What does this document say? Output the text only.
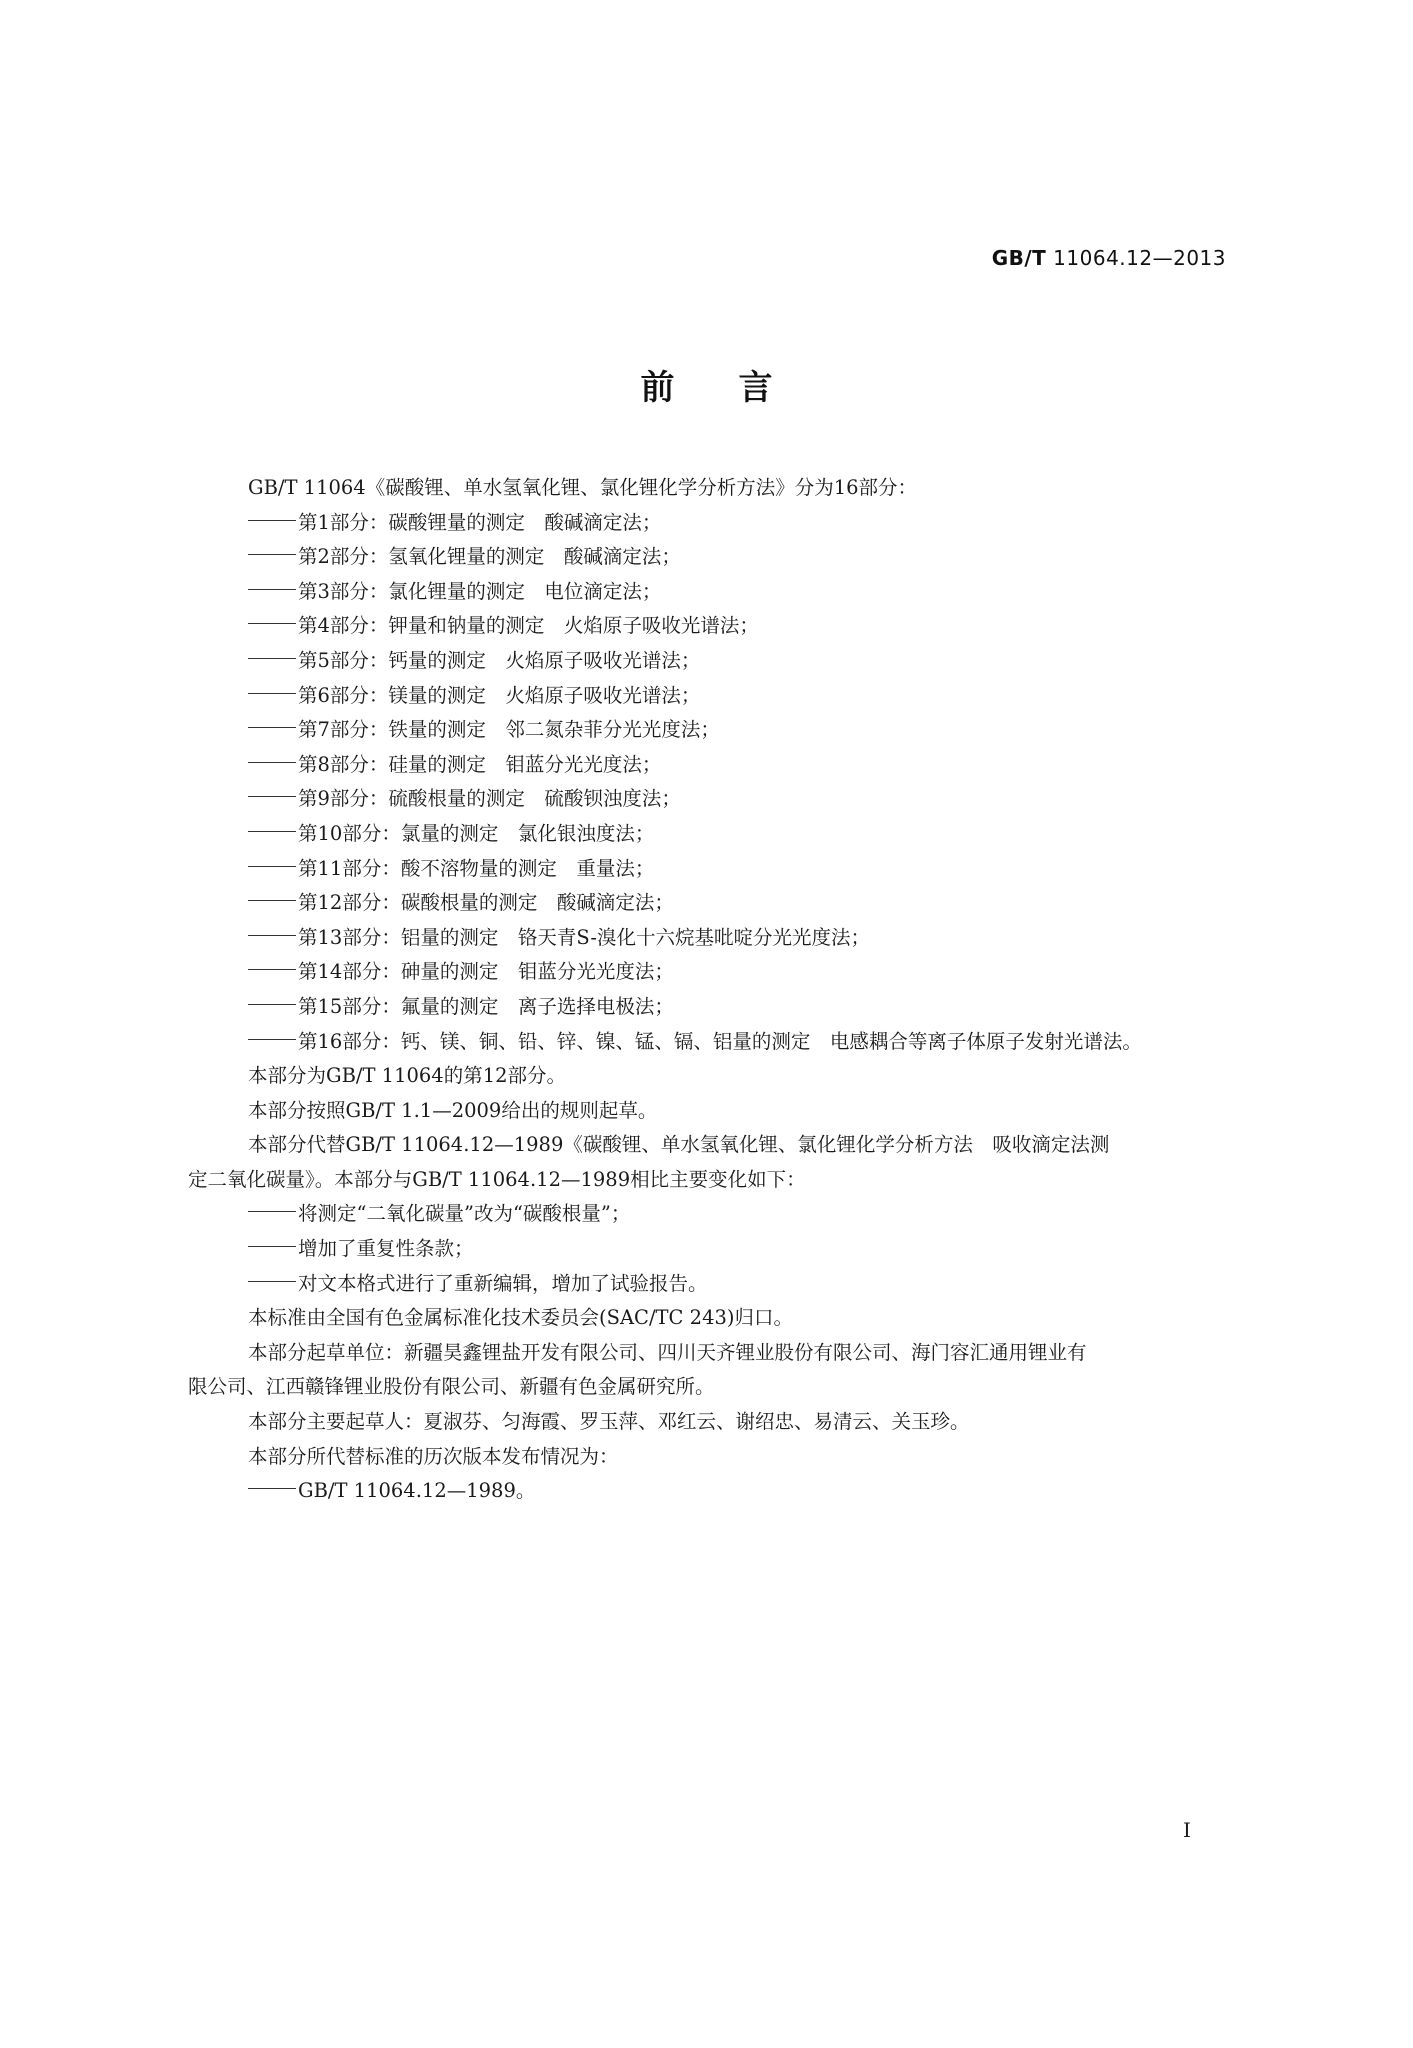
GB/T 11064.12—2013
前言

GB/T 11064《碳酸锂、单水氢氧化锂、氯化锂化学分析方法》分为16部分：

第1部分：碳酸锂量的测定　酸碱滴定法；

第2部分：氢氧化锂量的测定　酸碱滴定法；

第3部分：氯化锂量的测定　电位滴定法；

第4部分：钾量和钠量的测定　火焰原子吸收光谱法；

第5部分：钙量的测定　火焰原子吸收光谱法；

第6部分：镁量的测定　火焰原子吸收光谱法；

第7部分：铁量的测定　邻二氮杂菲分光光度法；

第8部分：硅量的测定　钼蓝分光光度法；

第9部分：硫酸根量的测定　硫酸钡浊度法；

第10部分：氯量的测定　氯化银浊度法；

第11部分：酸不溶物量的测定　重量法；

第12部分：碳酸根量的测定　酸碱滴定法；

第13部分：铝量的测定　铬天青S-溴化十六烷基吡啶分光光度法；

第14部分：砷量的测定　钼蓝分光光度法；

第15部分：氟量的测定　离子选择电极法；

第16部分：钙、镁、铜、铅、锌、镍、锰、镉、铝量的测定　电感耦合等离子体原子发射光谱法。

本部分为GB/T 11064的第12部分。

本部分按照GB/T 1.1—2009给出的规则起草。

本部分代替GB/T 11064.12—1989《碳酸锂、单水氢氧化锂、氯化锂化学分析方法　吸收滴定法测

定二氧化碳量》。本部分与GB/T 11064.12—1989相比主要变化如下：

将测定“二氧化碳量”改为“碳酸根量”；

增加了重复性条款；

对文本格式进行了重新编辑，增加了试验报告。

本标准由全国有色金属标准化技术委员会(SAC/TC 243)归口。

本部分起草单位：新疆昊鑫锂盐开发有限公司、四川天齐锂业股份有限公司、海门容汇通用锂业有

限公司、江西赣锋锂业股份有限公司、新疆有色金属研究所。

本部分主要起草人：夏淑芬、匀海霞、罗玉萍、邓红云、谢绍忠、易清云、关玉珍。

本部分所代替标准的历次版本发布情况为：

GB/T 11064.12—1989。

I
